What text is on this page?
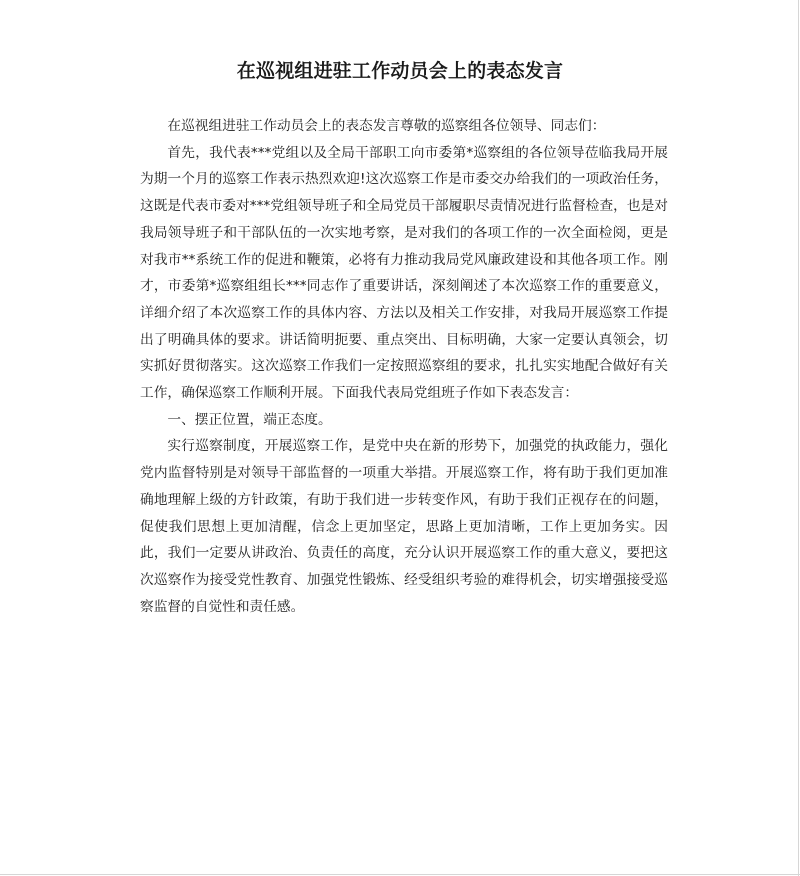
在巡视组进驻工作动员会上的表态发言

在巡视组进驻工作动员会上的表态发言尊敬的巡察组各位领导、同志们：

首先，我代表***党组以及全局干部职工向市委第*巡察组的各位领导莅临我局开展为期一个月的巡察工作表示热烈欢迎!这次巡察工作是市委交办给我们的一项政治任务，这既是代表市委对***党组领导班子和全局党员干部履职尽责情况进行监督检查，也是对我局领导班子和干部队伍的一次实地考察，是对我们的各项工作的一次全面检阅，更是对我市**系统工作的促进和鞭策，必将有力推动我局党风廉政建设和其他各项工作。刚才，市委第*巡察组组长***同志作了重要讲话，深刻阐述了本次巡察工作的重要意义，详细介绍了本次巡察工作的具体内容、方法以及相关工作安排，对我局开展巡察工作提出了明确具体的要求。讲话简明扼要、重点突出、目标明确，大家一定要认真领会，切实抓好贯彻落实。这次巡察工作我们一定按照巡察组的要求，扎扎实实地配合做好有关工作，确保巡察工作顺利开展。下面我代表局党组班子作如下表态发言：

一、摆正位置，端正态度。

实行巡察制度，开展巡察工作，是党中央在新的形势下，加强党的执政能力，强化党内监督特别是对领导干部监督的一项重大举措。开展巡察工作，将有助于我们更加准确地理解上级的方针政策，有助于我们进一步转变作风，有助于我们正视存在的问题，促使我们思想上更加清醒，信念上更加坚定，思路上更加清晰，工作上更加务实。因此，我们一定要从讲政治、负责任的高度，充分认识开展巡察工作的重大意义，要把这次巡察作为接受党性教育、加强党性锻炼、经受组织考验的难得机会，切实增强接受巡察监督的自觉性和责任感。
